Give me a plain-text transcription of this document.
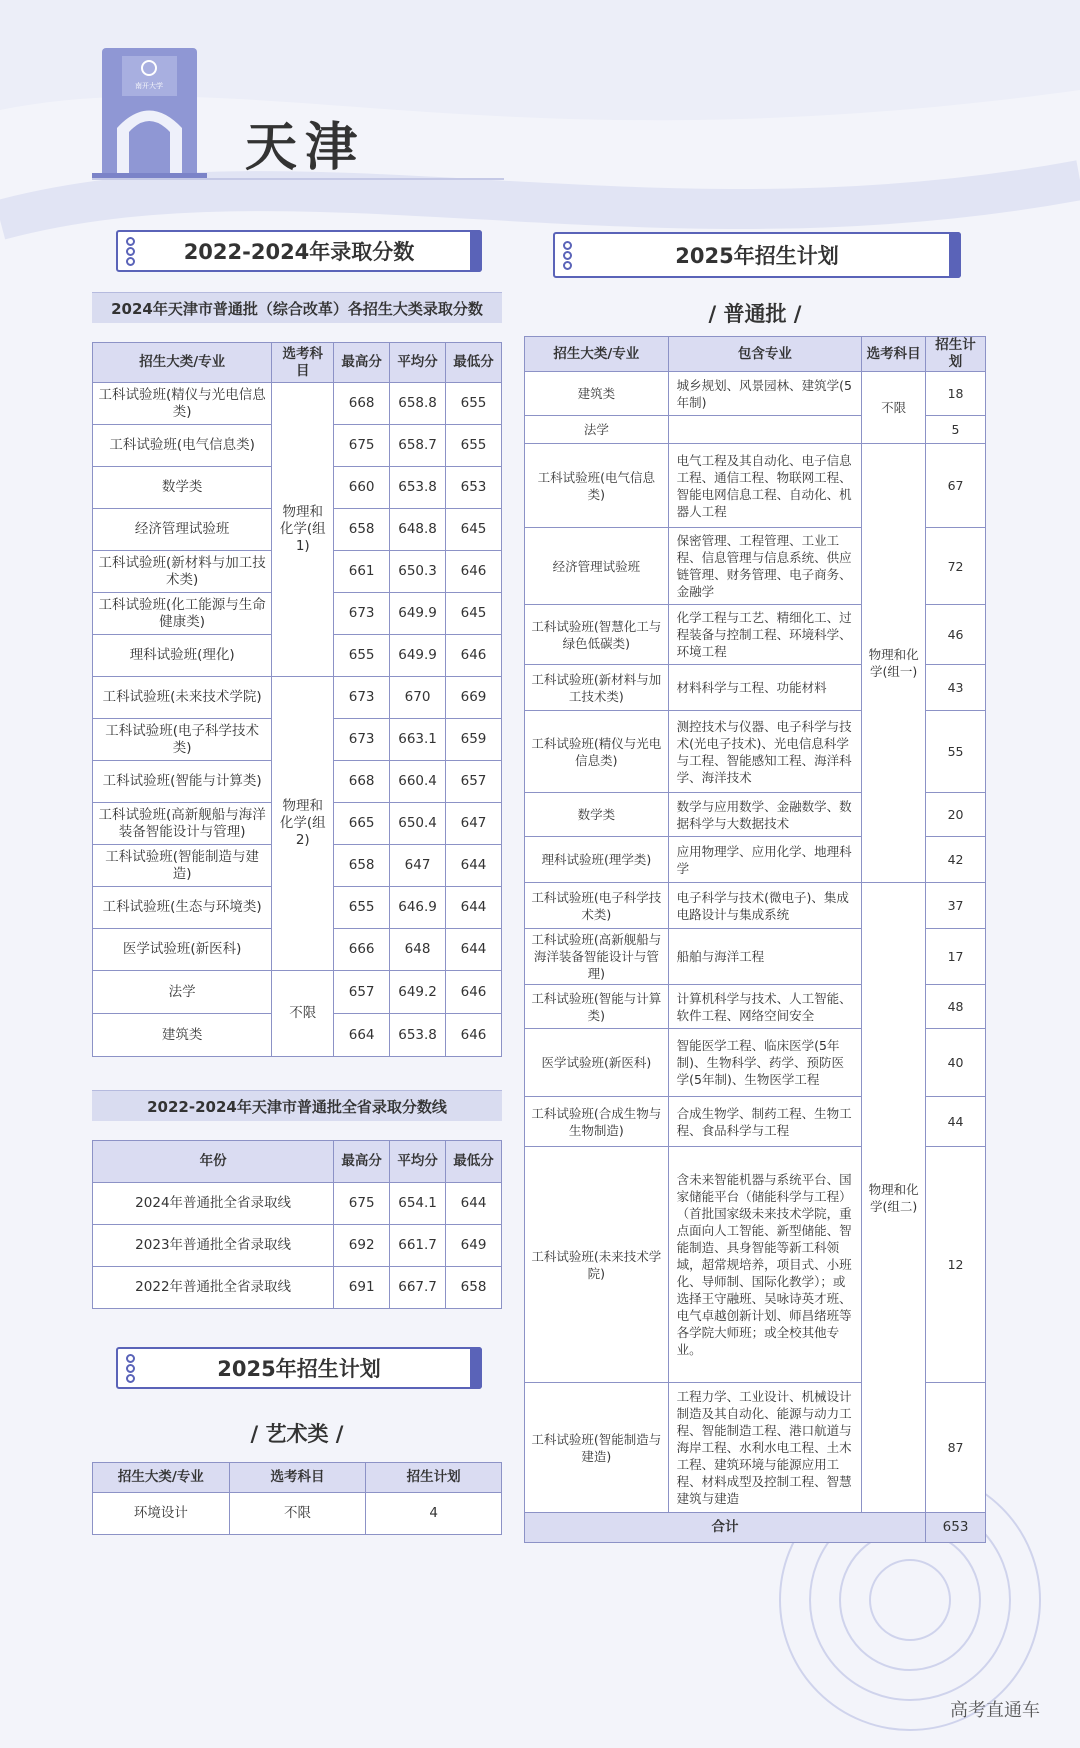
南开大学
天津
2022-2024年录取分数
2024年天津市普通批（综合改革）各招生大类录取分数
招生大类/专业	选考科目	最高分	平均分	最低分
工科试验班(精仪与光电信息类)	物理和化学(组1)	668	658.8	655
工科试验班(电气信息类)		675	658.7	655
数学类		660	653.8	653
经济管理试验班		658	648.8	645
工科试验班(新材料与加工技术类)		661	650.3	646
工科试验班(化工能源与生命健康类)		673	649.9	645
理科试验班(理化)		655	649.9	646
工科试验班(未来技术学院)	物理和化学(组2)	673	670	669
工科试验班(电子科学技术类)		673	663.1	659
工科试验班(智能与计算类)		668	660.4	657
工科试验班(高新舰船与海洋装备智能设计与管理)		665	650.4	647
工科试验班(智能制造与建造)		658	647	644
工科试验班(生态与环境类)		655	646.9	644
医学试验班(新医科)		666	648	644
法学	不限	657	649.2	646
建筑类		664	653.8	646
2022-2024年天津市普通批全省录取分数线
年份	最高分	平均分	最低分
2024年普通批全省录取线	675	654.1	644
2023年普通批全省录取线	692	661.7	649
2022年普通批全省录取线	691	667.7	658
2025年招生计划
/ 艺术类 /
招生大类/专业	选考科目	招生计划
环境设计	不限	4
2025年招生计划
/ 普通批 /
招生大类/专业	包含专业	选考科目	招生计划
建筑类	城乡规划、风景园林、建筑学(5年制)	不限	18
法学			5
工科试验班(电气信息类)	电气工程及其自动化、电子信息工程、通信工程、物联网工程、智能电网信息工程、自动化、机器人工程	物理和化学(组一)	67
经济管理试验班	保密管理、工程管理、工业工程、信息管理与信息系统、供应链管理、财务管理、电子商务、金融学		72
工科试验班(智慧化工与绿色低碳类)	化学工程与工艺、精细化工、过程装备与控制工程、环境科学、环境工程		46
工科试验班(新材料与加工技术类)	材料科学与工程、功能材料		43
工科试验班(精仪与光电信息类)	测控技术与仪器、电子科学与技术(光电子技术)、光电信息科学与工程、智能感知工程、海洋科学、海洋技术		55
数学类	数学与应用数学、金融数学、数据科学与大数据技术		20
理科试验班(理学类)	应用物理学、应用化学、地理科学		42
工科试验班(电子科学技术类)	电子科学与技术(微电子)、集成电路设计与集成系统	物理和化学(组二)	37
工科试验班(高新舰船与海洋装备智能设计与管理)	船舶与海洋工程		17
工科试验班(智能与计算类)	计算机科学与技术、人工智能、软件工程、网络空间安全		48
医学试验班(新医科)	智能医学工程、临床医学(5年制)、生物科学、药学、预防医学(5年制)、生物医学工程		40
工科试验班(合成生物与生物制造)	合成生物学、制药工程、生物工程、食品科学与工程		44
工科试验班(未来技术学院)	含未来智能机器与系统平台、国家储能平台（储能科学与工程）（首批国家级未来技术学院，重点面向人工智能、新型储能、智能制造、具身智能等新工科领域，超常规培养，项目式、小班化、导师制、国际化教学）；或选择王守融班、吴咏诗英才班、电气卓越创新计划、师昌绪班等各学院大师班；或全校其他专业。		12
工科试验班(智能制造与建造)	工程力学、工业设计、机械设计制造及其自动化、能源与动力工程、智能制造工程、港口航道与海岸工程、水利水电工程、土木工程、建筑环境与能源应用工程、材料成型及控制工程、智慧建筑与建造		87
合计			653
高考直通车
